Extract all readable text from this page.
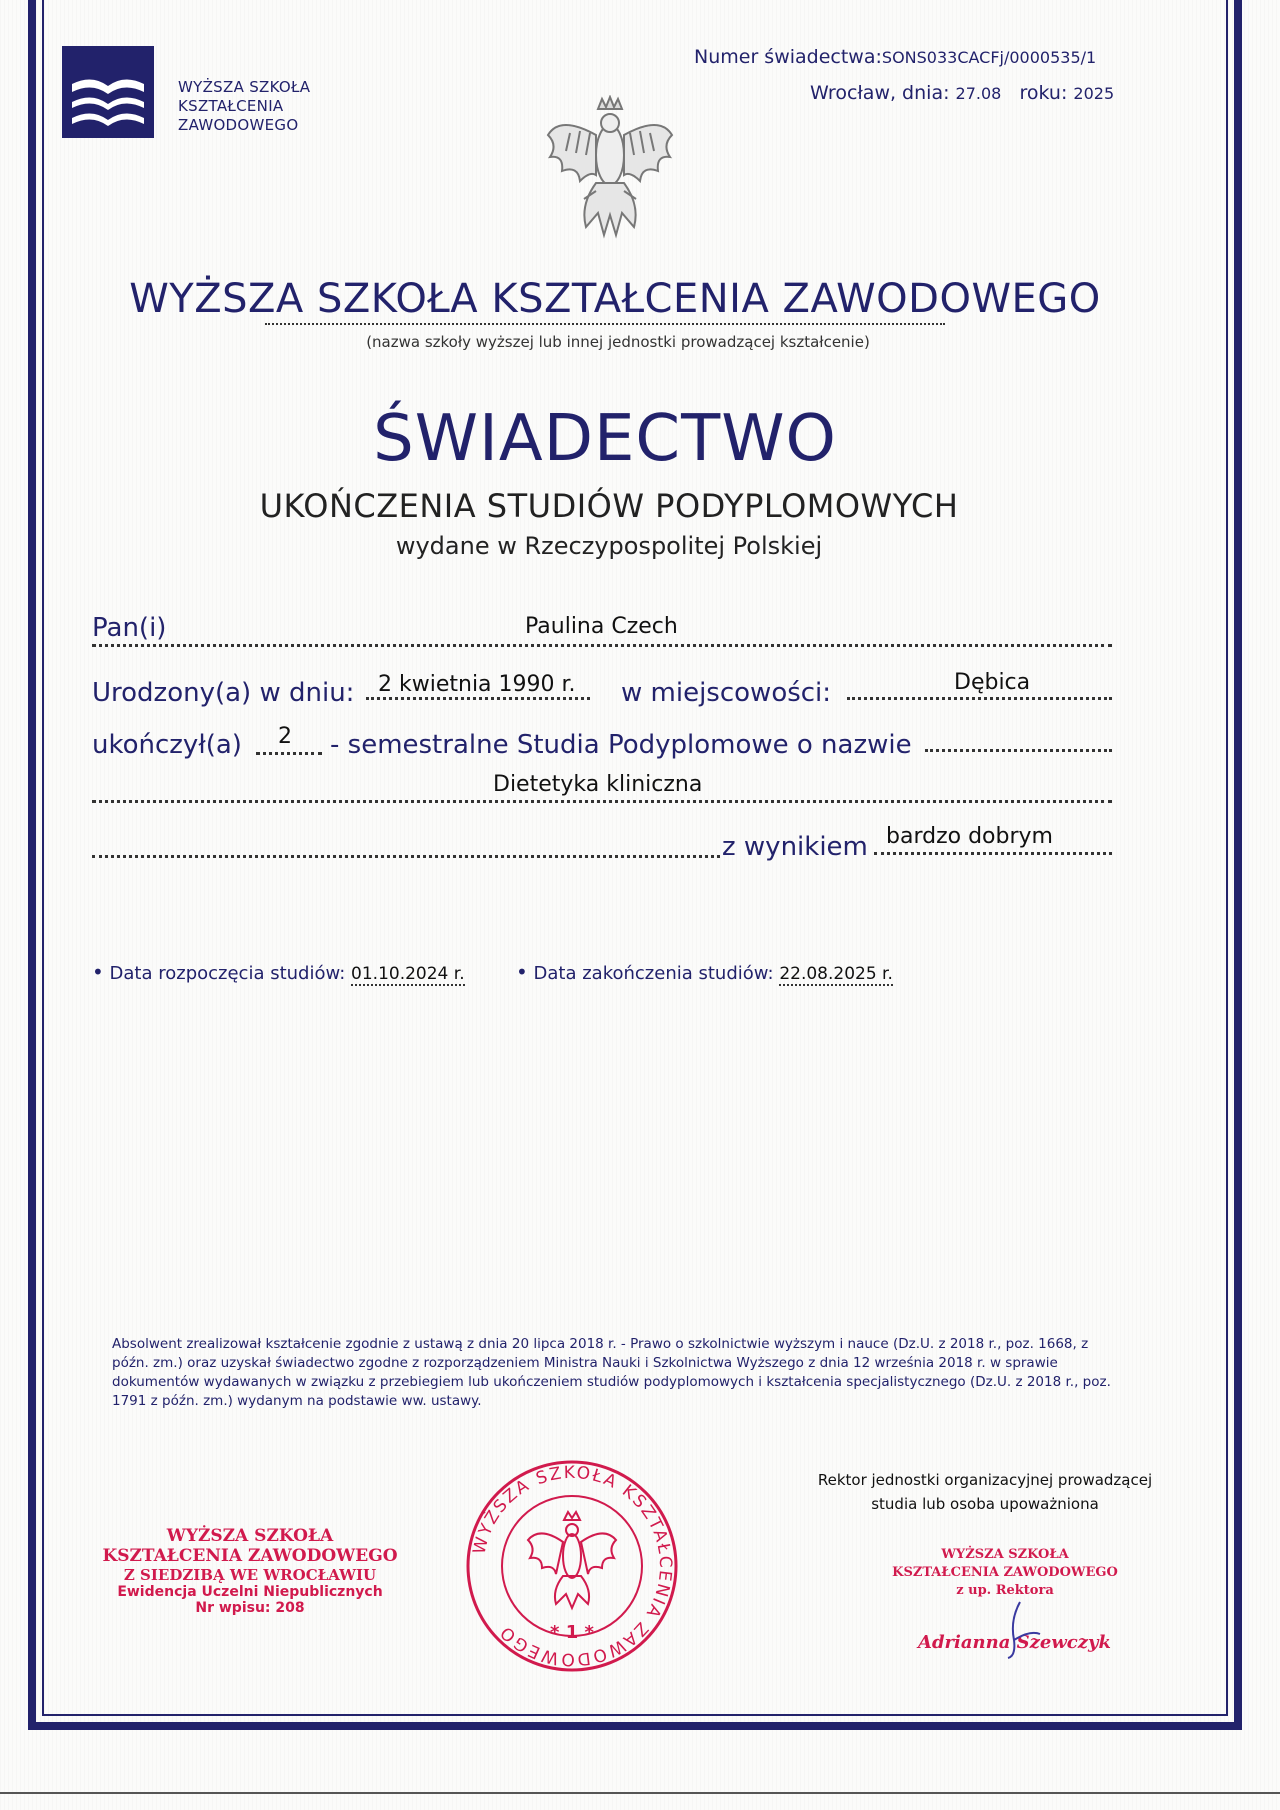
WYŻSZA SZKOŁA
KSZTAŁCENIA
ZAWODOWEGO
Numer świadectwa:SONS033CACFj/0000535/1
Wrocław, dnia: 27.08 roku: 2025
WYŻSZA SZKOŁA KSZTAŁCENIA ZAWODOWEGO
(nazwa szkoły wyższej lub innej jednostki prowadzącej kształcenie)
ŚWIADECTWO
UKOŃCZENIA STUDIÓW PODYPLOMOWYCH
wydane w Rzeczypospolitej Polskiej
Pan(i)	Paulina Czech
Urodzony(a) w dniu: 2 kwietnia 1990 r. w miejscowości:	Dębica
ukończył(a) 2 - semestralne Studia Podyplomowe o nazwie
Dietetyka kliniczna
z wynikiem bardzo dobrym
• Data rozpoczęcia studiów: 01.10.2024 r.	• Data zakończenia studiów: 22.08.2025 r.
Absolwent zrealizował kształcenie zgodnie z ustawą z dnia 20 lipca 2018 r. - Prawo o szkolnictwie wyższym i nauce (Dz.U. z 2018 r., poz. 1668, z późn. zm.) oraz uzyskał świadectwo zgodne z rozporządzeniem Ministra Nauki i Szkolnictwa Wyższego z dnia 12 września 2018 r. w sprawie dokumentów wydawanych w związku z przebiegiem lub ukończeniem studiów podyplomowych i kształcenia specjalistycznego (Dz.U. z 2018 r., poz. 1791 z późn. zm.) wydanym na podstawie ww. ustawy.
Rektor jednostki organizacyjnej prowadzącej
studia lub osoba upoważniona
WYŻSZA SZKOŁA
KSZTAŁCENIA ZAWODOWEGO
Z SIEDZIBĄ WE WROCŁAWIU
Ewidencja Uczelni Niepublicznych
Nr wpisu: 208
WYŻSZA SZKOŁA KSZTAŁCENIA ZAWODOWEGO	* 1 *
WYŻSZA SZKOŁA
KSZTAŁCENIA ZAWODOWEGO
z up. Rektora
Adrianna Szewczyk
